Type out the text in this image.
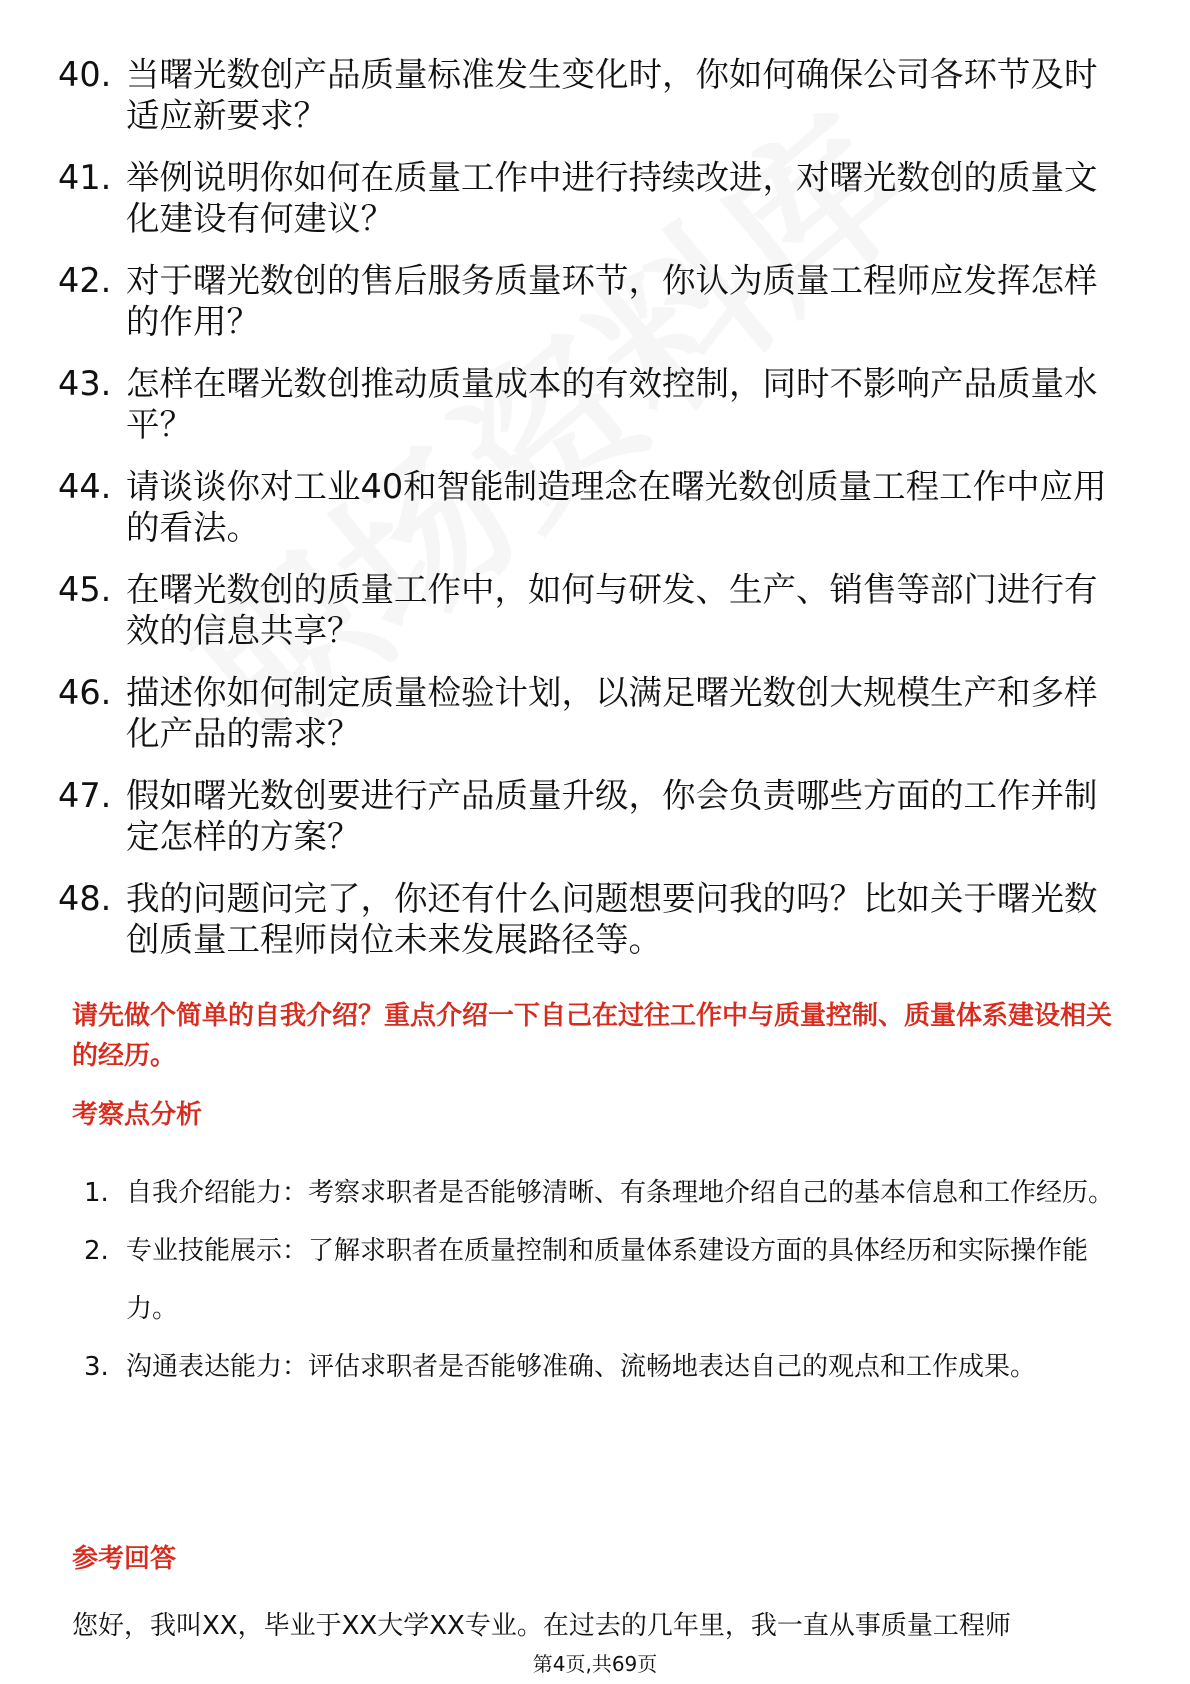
40. 当曙光数创产品质量标准发生变化时，你如何确保公司各环节及时适应新要求？
41. 举例说明你如何在质量工作中进行持续改进，对曙光数创的质量文化建设有何建议？
42. 对于曙光数创的售后服务质量环节，你认为质量工程师应发挥怎样的作用？
43. 怎样在曙光数创推动质量成本的有效控制，同时不影响产品质量水平？
44. 请谈谈你对工业40和智能制造理念在曙光数创质量工程工作中应用的看法。
45. 在曙光数创的质量工作中，如何与研发、生产、销售等部门进行有效的信息共享？
46. 描述你如何制定质量检验计划，以满足曙光数创大规模生产和多样化产品的需求？
47. 假如曙光数创要进行产品质量升级，你会负责哪些方面的工作并制定怎样的方案？
48. 我的问题问完了，你还有什么问题想要问我的吗？比如关于曙光数创质量工程师岗位未来发展路径等。
请先做个简单的自我介绍？重点介绍一下自己在过往工作中与质量控制、质量体系建设相关的经历。
考察点分析
1. 自我介绍能力：考察求职者是否能够清晰、有条理地介绍自己的基本信息和工作经历。
2. 专业技能展示：了解求职者在质量控制和质量体系建设方面的具体经历和实际操作能力。
3. 沟通表达能力：评估求职者是否能够准确、流畅地表达自己的观点和工作成果。
参考回答
您好，我叫XX，毕业于XX大学XX专业。在过去的几年里，我一直从事质量工程师
第4页,共69页
